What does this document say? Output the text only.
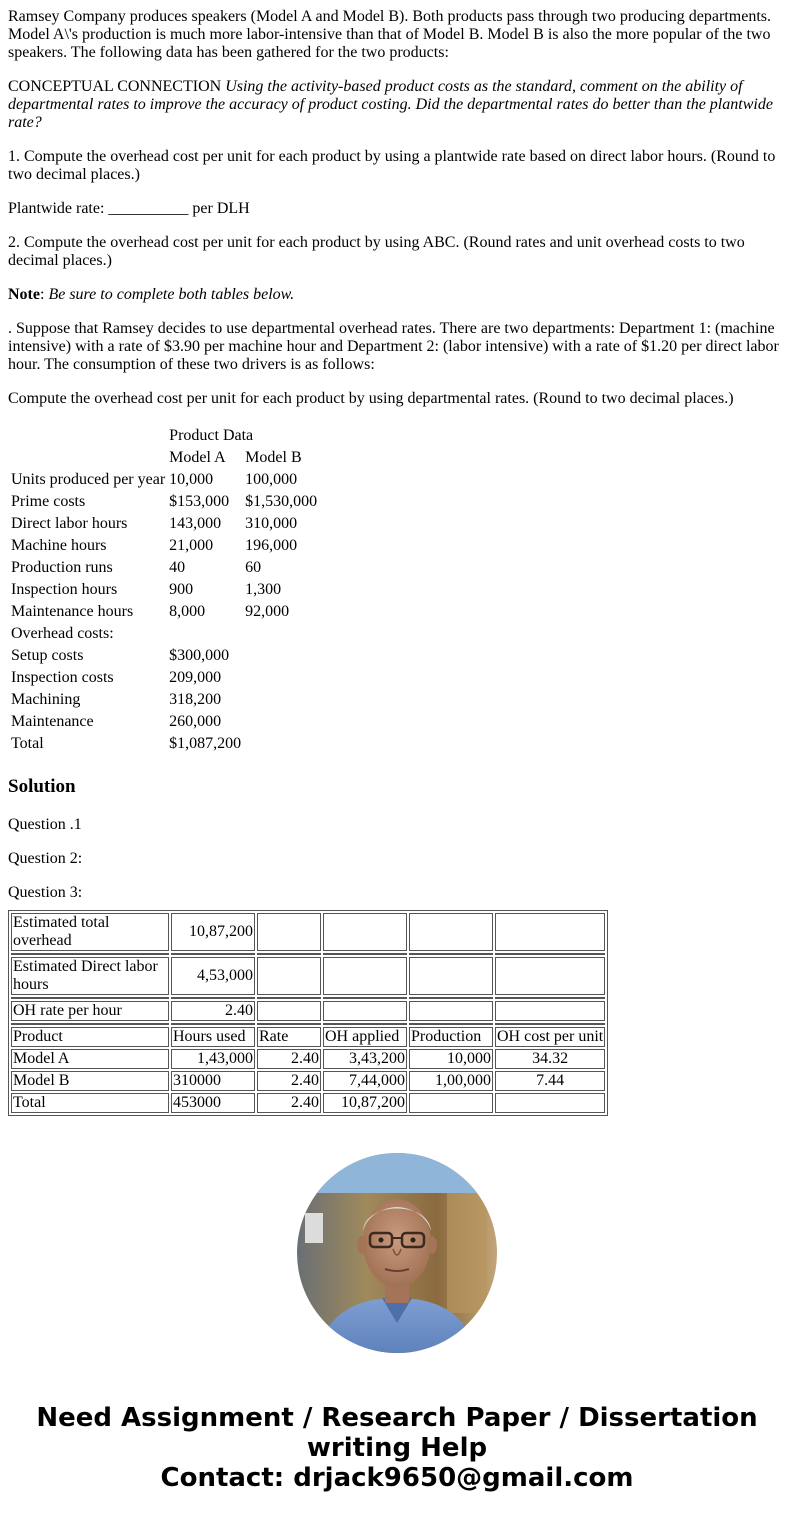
Ramsey Company produces speakers (Model A and Model B). Both products pass through two producing departments. Model A\'s production is much more labor-intensive than that of Model B. Model B is also the more popular of the two speakers. The following data has been gathered for the two products:

CONCEPTUAL CONNECTION Using the activity-based product costs as the standard, comment on the ability of departmental rates to improve the accuracy of product costing. Did the departmental rates do better than the plantwide rate?

1. Compute the overhead cost per unit for each product by using a plantwide rate based on direct labor hours. (Round to two decimal places.)

Plantwide rate: __________ per DLH

2. Compute the overhead cost per unit for each product by using ABC. (Round rates and unit overhead costs to two decimal places.)

Note: Be sure to complete both tables below.

. Suppose that Ramsey decides to use departmental overhead rates. There are two departments: Department 1: (machine intensive) with a rate of $3.90 per machine hour and Department 2: (labor intensive) with a rate of $1.20 per direct labor hour. The consumption of these two drivers is as follows:

Compute the overhead cost per unit for each product by using departmental rates. (Round to two decimal places.)

	Product Data	
	Model A	Model B
Units produced per year	10,000	100,000
Prime costs	$153,000	$1,530,000
Direct labor hours	143,000	310,000
Machine hours	21,000	196,000
Production runs	40	60
Inspection hours	900	1,300
Maintenance hours	8,000	92,000
Overhead costs:		
Setup costs	$300,000	
Inspection costs	209,000	
Machining	318,200	
Maintenance	260,000	
Total	$1,087,200	
Solution

Question .1

Question 2:

Question 3:

Estimated total overhead	10,87,200				

Estimated Direct labor hours	4,53,000				

OH rate per hour	2.40				

Product	Hours used	Rate	OH applied	Production	OH cost per unit
Model A	1,43,000	2.40	3,43,200	10,000	34.32
Model B	310000	2.40	7,44,000	1,00,000	7.44
Total	453000	2.40	10,87,200		
Need Assignment / Research Paper / Dissertation
writing Help
Contact: drjack9650@gmail.com
